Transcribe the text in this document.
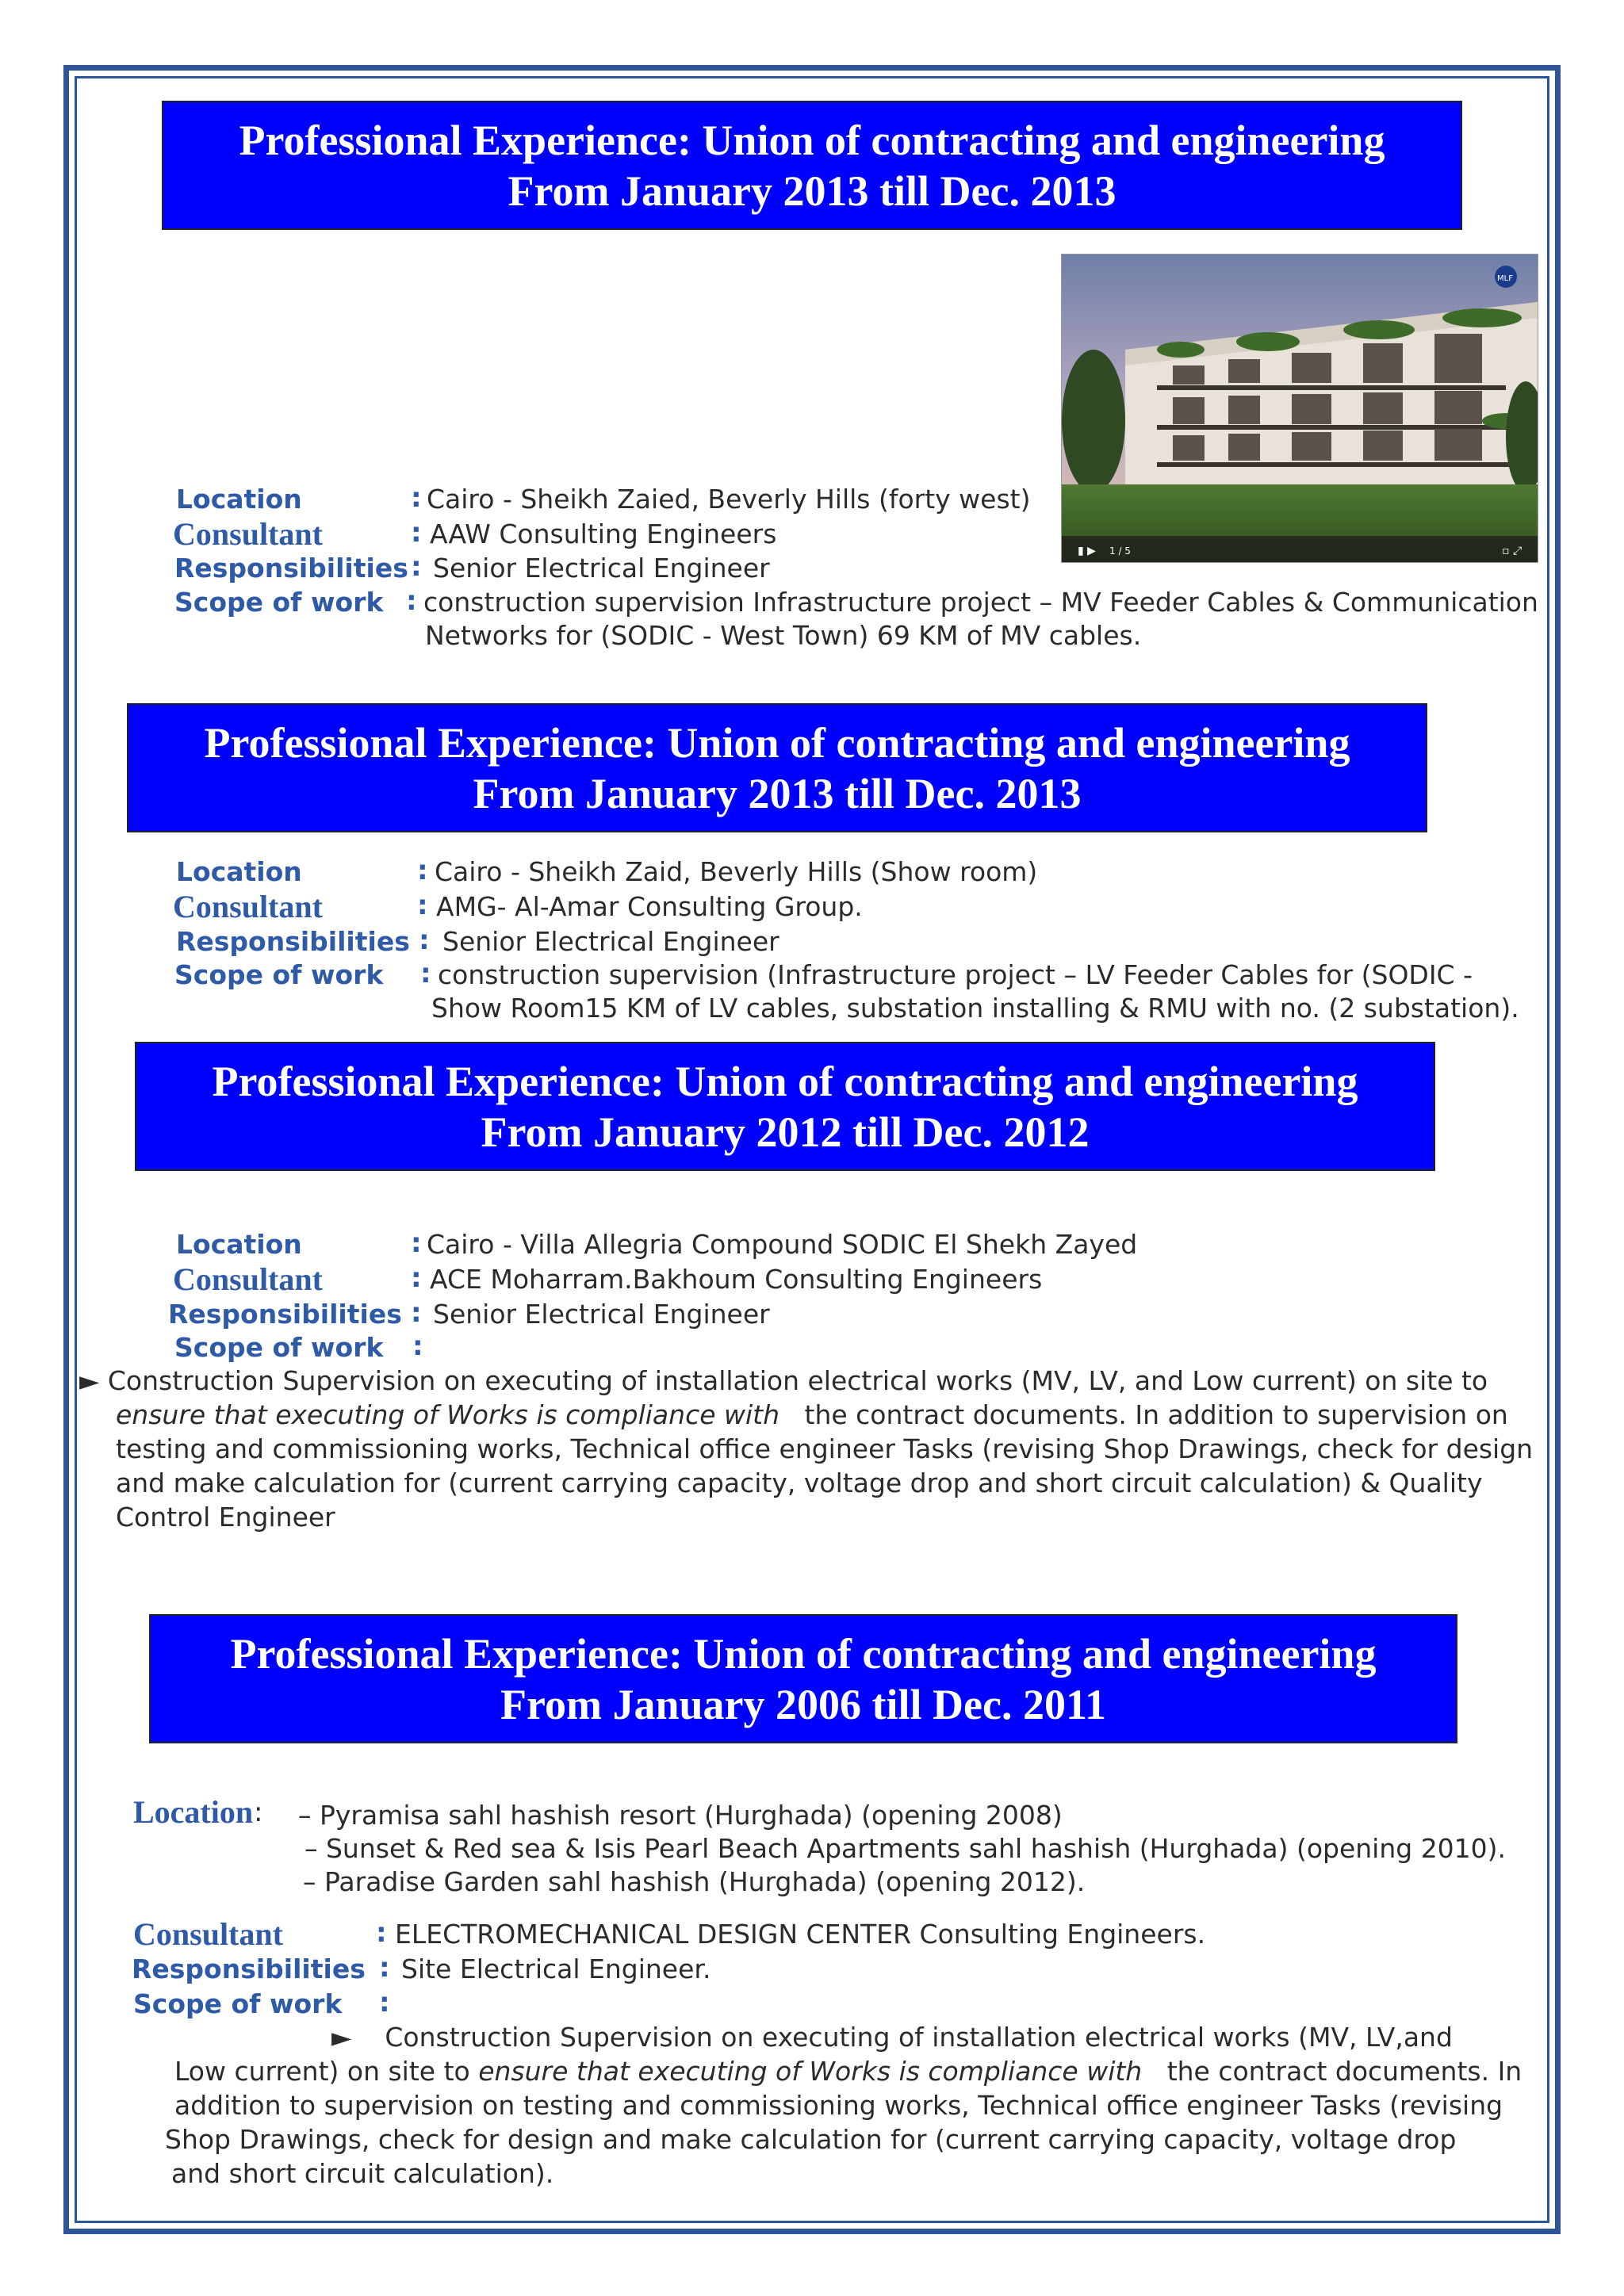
Professional Experience: Union of contracting and engineering
From January 2013 till Dec. 2013
▮ ▶ 1 / 5	▫ ⤢
MLF
Location	: Cairo - Sheikh Zaied, Beverly Hills (forty west)
Consultant	: AAW Consulting Engineers
Responsibilities : Senior Electrical Engineer
Scope of work : construction supervision Infrastructure project – MV Feeder Cables & Communication
Networks for (SODIC - West Town) 69 KM of MV cables.
Professional Experience: Union of contracting and engineering
From January 2013 till Dec. 2013
Location	: Cairo - Sheikh Zaid, Beverly Hills (Show room)
Consultant	: AMG- Al-Amar Consulting Group.
Responsibilities : Senior Electrical Engineer
Scope of work : construction supervision (Infrastructure project – LV Feeder Cables for (SODIC -
Show Room15 KM of LV cables, substation installing & RMU with no. (2 substation).
Professional Experience: Union of contracting and engineering
From January 2012 till Dec. 2012
Location	: Cairo - Villa Allegria Compound SODIC El Shekh Zayed
Consultant	: ACE Moharram.Bakhoum Consulting Engineers
Responsibilities : Senior Electrical Engineer
Scope of work :
► Construction Supervision on executing of installation electrical works (MV, LV, and Low current) on site to
ensure that executing of Works is compliance with   the contract documents. In addition to supervision on
testing and commissioning works, Technical office engineer Tasks (revising Shop Drawings, check for design
and make calculation for (current carrying capacity, voltage drop and short circuit calculation) & Quality
Control Engineer
Professional Experience: Union of contracting and engineering
From January 2006 till Dec. 2011
Location : – Pyramisa sahl hashish resort (Hurghada) (opening 2008)
– Sunset & Red sea & Isis Pearl Beach Apartments sahl hashish (Hurghada) (opening 2010).
– Paradise Garden sahl hashish (Hurghada) (opening 2012).
Consultant	: ELECTROMECHANICAL DESIGN CENTER Consulting Engineers.
Responsibilities : Site Electrical Engineer.
Scope of work :
► Construction Supervision on executing of installation electrical works (MV, LV,and
Low current) on site to ensure that executing of Works is compliance with   the contract documents. In
addition to supervision on testing and commissioning works, Technical office engineer Tasks (revising
Shop Drawings, check for design and make calculation for (current carrying capacity, voltage drop
and short circuit calculation).
